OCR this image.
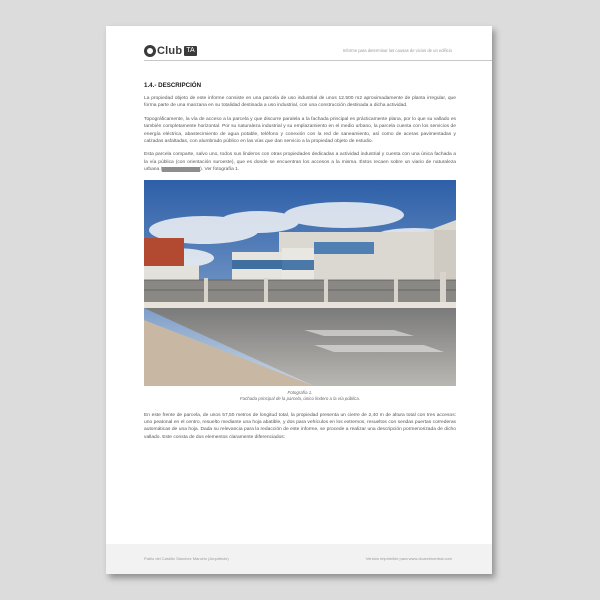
Club TA	Informe para determinar las causas de vicios de un edificio
1.4.- DESCRIPCIÓN

La propiedad objeto de este informe consiste en una parcela de uso industrial de unos 12.500 m2 aproximadamente de planta irregular, que forma parte de una manzana en su totalidad destinada a uso industrial, con una construcción destinada a dicha actividad.

Topográficamente, la vía de acceso a la parcela y que discurre paralela a la fachada principal es prácticamente plana, por lo que su vallado es también completamente horizontal. Por su naturaleza industrial y su emplazamiento en el medio urbano, la parcela cuenta con los servicios de energía eléctrica, abastecimiento de agua potable, teléfono y conexión con la red de saneamiento, así como de aceras pavimentadas y calzadas asfaltadas, con alumbrado público en las vías que dan servicio a la propiedad objeto de estudio.

Esta parcela comparte, salvo uno, todos sus linderos con otras propiedades dedicadas a actividad industrial y cuenta con una única fachada a la vía pública (con orientación suroeste), que es donde se encuentran los accesos a la misma. Éstos recaen sobre un viario de naturaleza urbana (XXXXXXXXXXX). Ver fotografía 1.

Fotografía 1.
Fachada principal de la parcela, único lindero a la vía pública.

En este frente de parcela, de unos 57,50 metros de longitud total, la propiedad presenta un cierre de 2,40 m de altura total con tres accesos: uno peatonal en el centro, resuelto mediante una hoja abatible, y dos para vehículos en los extremos, resueltos con sendas puertas correderas automáticas de una hoja. Dada su relevancia para la redacción de este informe, se procede a realizar una descripción pormenorizada de dicho vallado. Este consta de dos elementos claramente diferenciados:

Pablo del Castillo Sánchez Marcelo (Arquitecto)	Versión imprimible para www.ctcarrelcentral.com
